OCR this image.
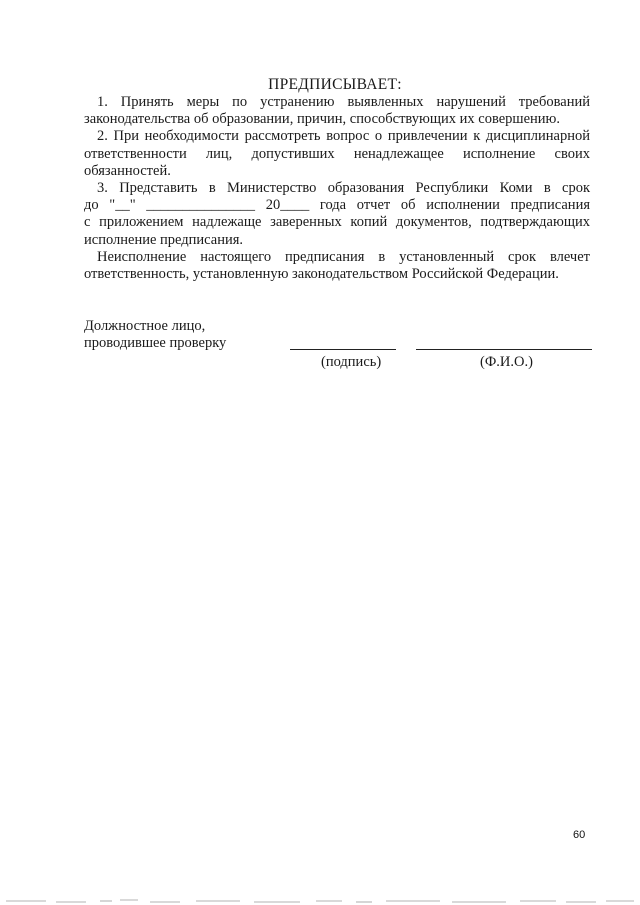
ПРЕДПИСЫВАЕТ:

1. Принять меры по устранению выявленных нарушений требований законодательства об образовании, причин, способствующих их совершению.

2. При необходимости рассмотреть вопрос о привлечении к дисциплинарной ответственности лиц, допустивших ненадлежащее исполнение своих обязанностей.

3. Представить в Министерство образования Республики Коми в срок

до "__" _______________ 20____ года отчет об исполнении предписания

с приложением надлежаще заверенных копий документов, подтверждающих исполнение предписания.

Неисполнение настоящего предписания в установленный срок влечет ответственность, установленную законодательством Российской Федерации.

Должностное лицо,

проводившее проверку

(подпись)	(Ф.И.О.)
60
